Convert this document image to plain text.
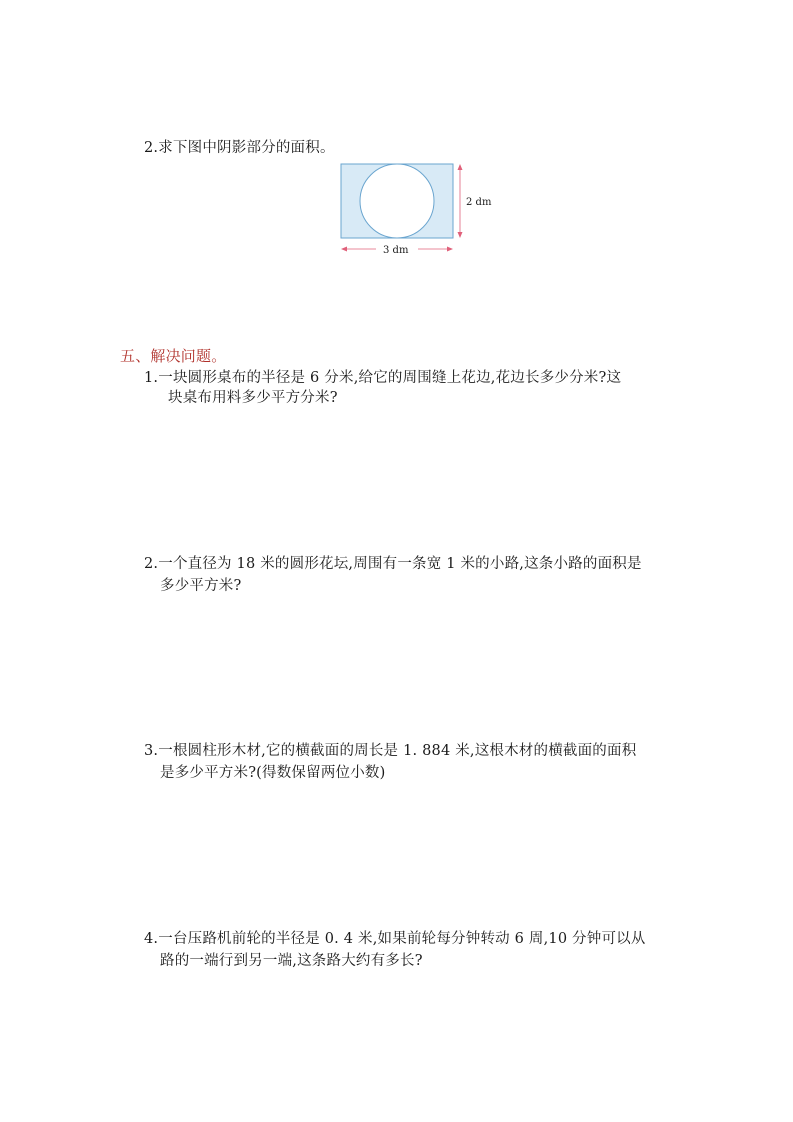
2.求下图中阴影部分的面积。
2 dm
3 dm
五、解决问题。
1.一块圆形桌布的半径是 6 分米,给它的周围缝上花边,花边长多少分米?这
块桌布用料多少平方分米?
2.一个直径为 18 米的圆形花坛,周围有一条宽 1 米的小路,这条小路的面积是
多少平方米?
3.一根圆柱形木材,它的横截面的周长是 1. 884 米,这根木材的横截面的面积
是多少平方米?(得数保留两位小数)
4.一台压路机前轮的半径是 0. 4 米,如果前轮每分钟转动 6 周,10 分钟可以从
路的一端行到另一端,这条路大约有多长?
